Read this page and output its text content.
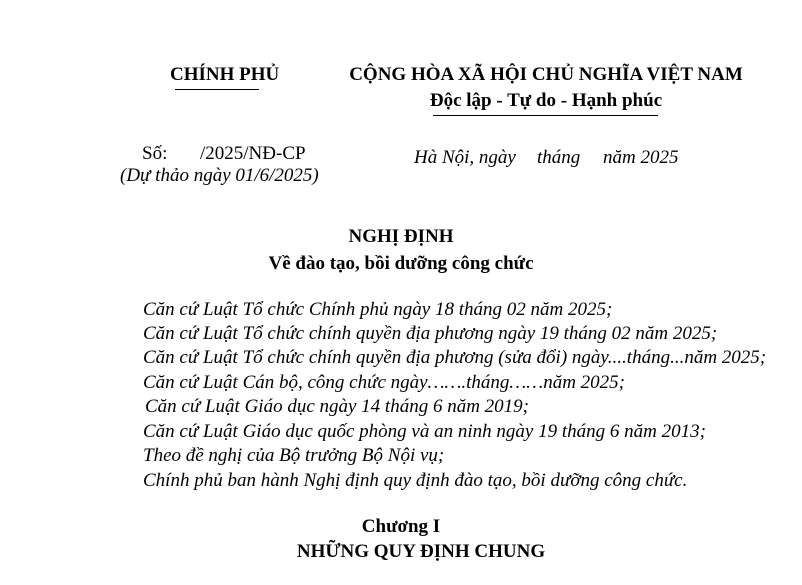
CHÍNH PHỦ	CỘNG HÒA XÃ HỘI CHỦ NGHĨA VIỆT NAM
Độc lập - Tự do - Hạnh phúc
Số: /2025/NĐ-CP
(Dự thảo ngày 01/6/2025)
Hà Nội, ngày tháng năm 2025
NGHỊ ĐỊNH
Về đào tạo, bồi dưỡng công chức
Căn cứ Luật Tổ chức Chính phủ ngày 18 tháng 02 năm 2025;
Căn cứ Luật Tổ chức chính quyền địa phương ngày 19 tháng 02 năm 2025;
Căn cứ Luật Tổ chức chính quyền địa phương (sửa đổi) ngày....tháng...năm 2025;
Căn cứ Luật Cán bộ, công chức ngày…….tháng……năm 2025;
Căn cứ Luật Giáo dục ngày 14 tháng 6 năm 2019;
Căn cứ Luật Giáo dục quốc phòng và an ninh ngày 19 tháng 6 năm 2013;
Theo đề nghị của Bộ trưởng Bộ Nội vụ;
Chính phủ ban hành Nghị định quy định đào tạo, bồi dưỡng công chức.
Chương I
NHỮNG QUY ĐỊNH CHUNG
